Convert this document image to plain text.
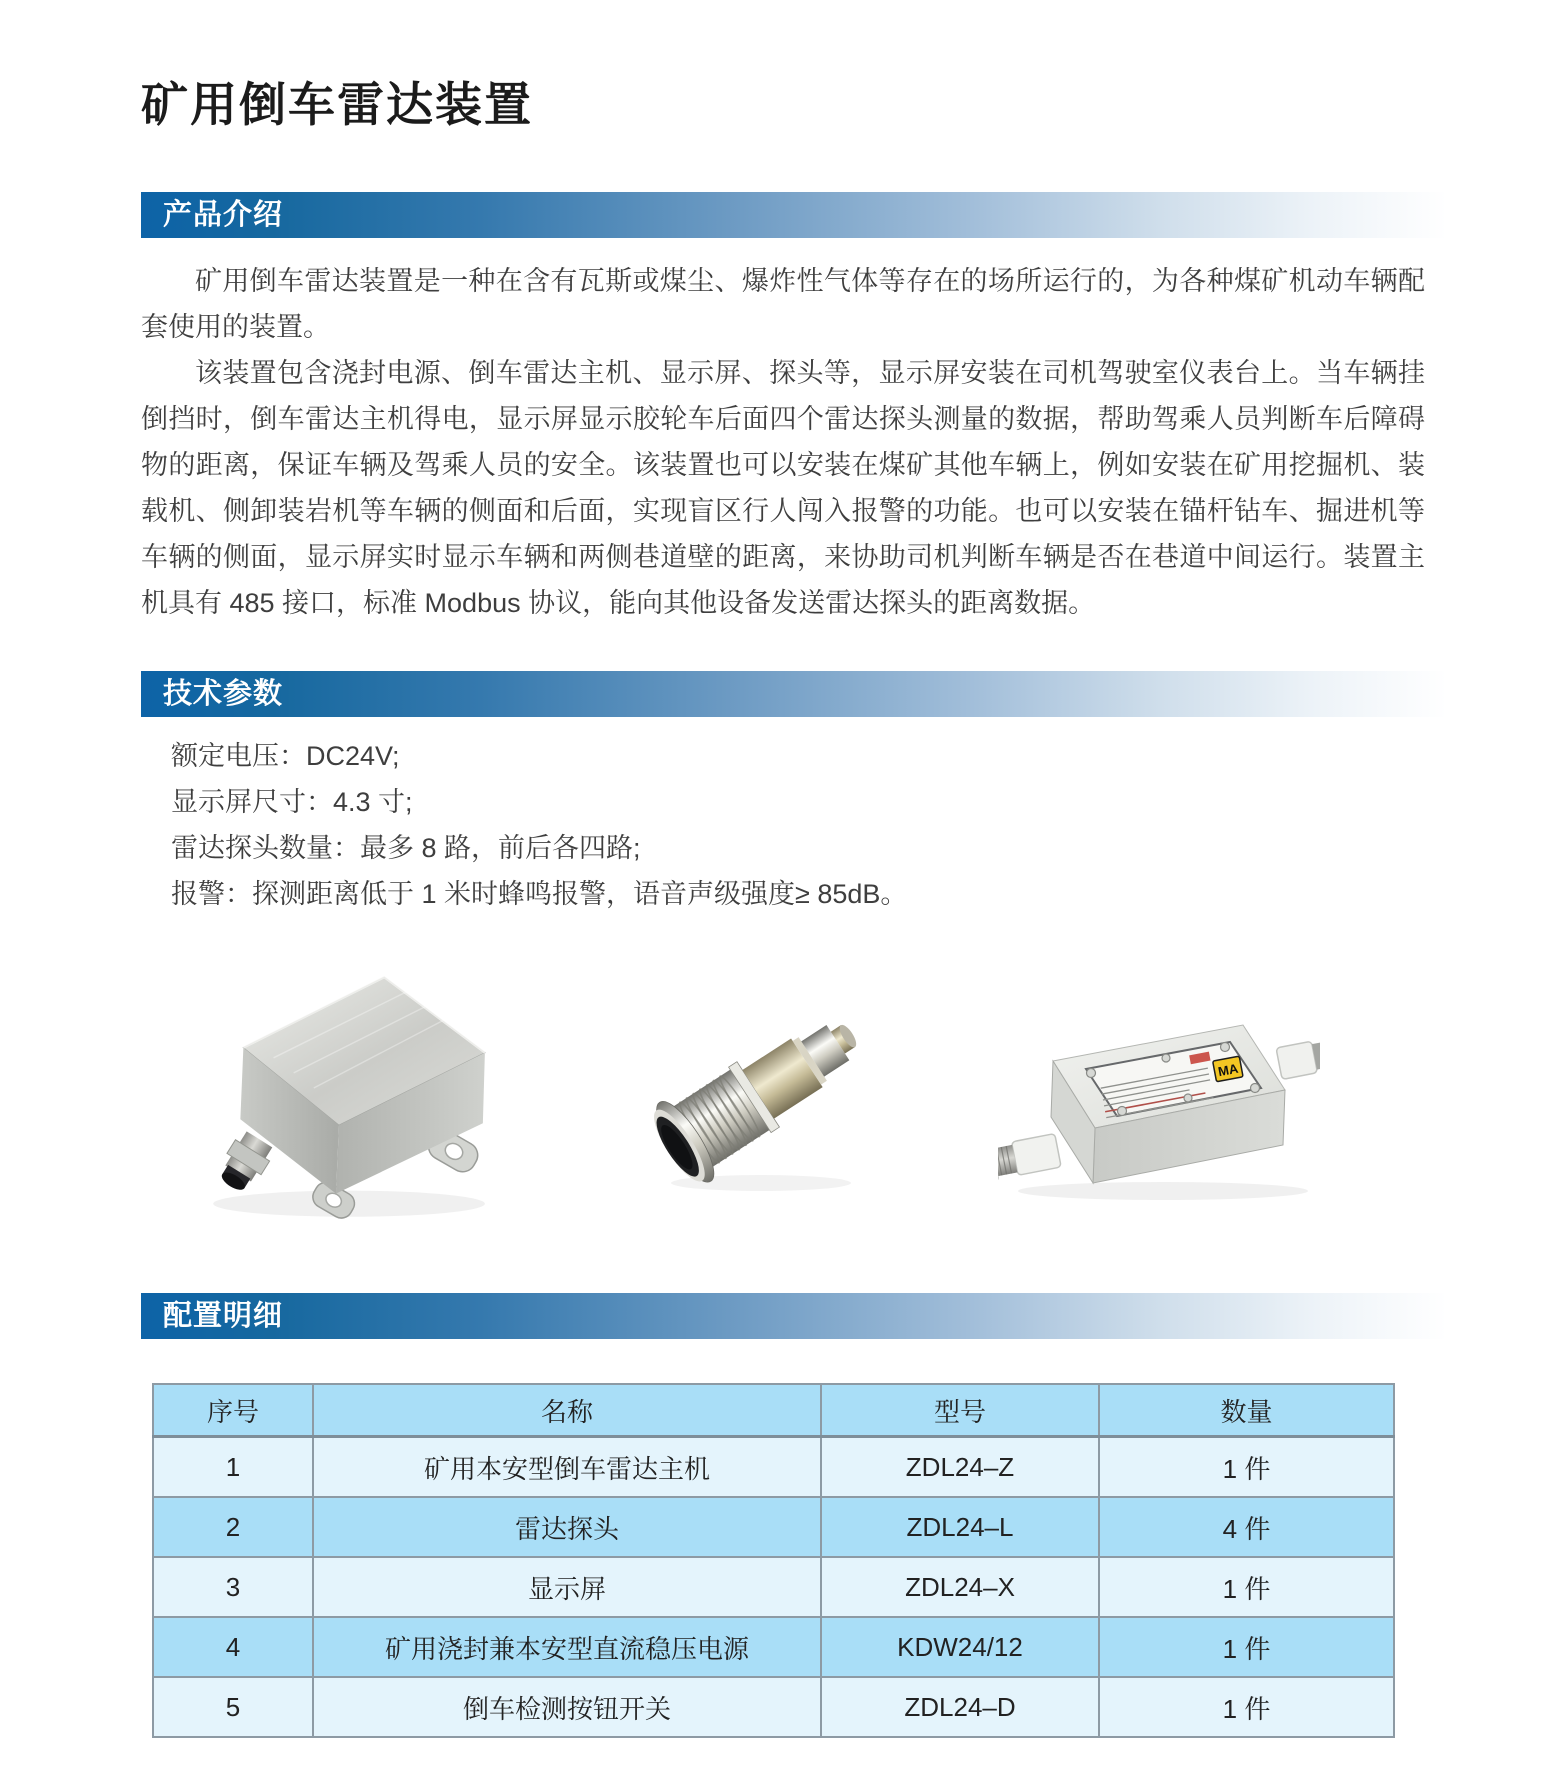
矿用倒车雷达装置
产品介绍

矿用倒车雷达装置是一种在含有瓦斯或煤尘、爆炸性气体等存在的场所运行的，为各种煤矿机动车辆配套使用的装置。

该装置包含浇封电源、倒车雷达主机、显示屏、探头等，显示屏安装在司机驾驶室仪表台上。当车辆挂倒挡时，倒车雷达主机得电，显示屏显示胶轮车后面四个雷达探头测量的数据，帮助驾乘人员判断车后障碍物的距离，保证车辆及驾乘人员的安全。该装置也可以安装在煤矿其他车辆上，例如安装在矿用挖掘机、装载机、侧卸装岩机等车辆的侧面和后面，实现盲区行人闯入报警的功能。也可以安装在锚杆钻车、掘进机等车辆的侧面，显示屏实时显示车辆和两侧巷道壁的距离，来协助司机判断车辆是否在巷道中间运行。装置主机具有 485 接口，标准 Modbus 协议，能向其他设备发送雷达探头的距离数据。

技术参数
额定电压：DC24V;
显示屏尺寸：4.3 寸;
雷达探头数量：最多 8 路，前后各四路;
报警：探测距离低于 1 米时蜂鸣报警，语音声级强度≥ 85dB。
MA
配置明细
序号	名称	型号	数量
1	矿用本安型倒车雷达主机	ZDL24–Z	1 件
2	雷达探头	ZDL24–L	4 件
3	显示屏	ZDL24–X	1 件
4	矿用浇封兼本安型直流稳压电源	KDW24/12	1 件
5	倒车检测按钮开关	ZDL24–D	1 件
